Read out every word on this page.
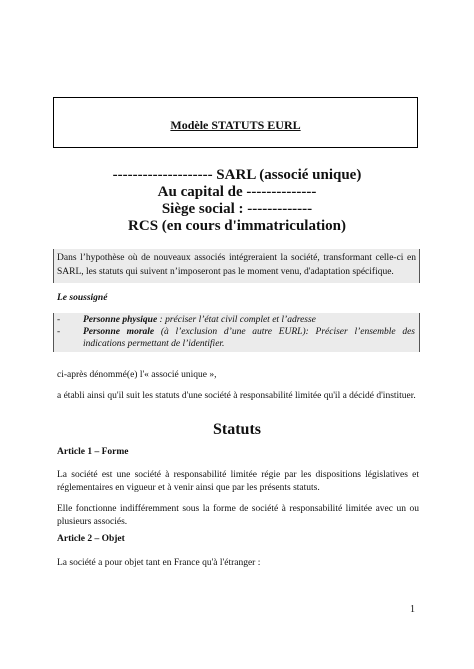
Modèle STATUTS EURL
-------------------- SARL (associé unique)
Au capital de --------------
Siège social : -------------
RCS (en cours d'immatriculation)
Dans l’hypothèse où de nouveaux associés intégreraient la société, transformant celle-ci en SARL, les statuts qui suivent n’imposeront pas le moment venu, d'adaptation spécifique.
Le soussigné
- Personne physique : préciser l’état civil complet et l’adresse
- Personne morale (à l’exclusion d’une autre EURL): Préciser l’ensemble des indications permettant de l’identifier.
ci-après dénommé(e) l'« associé unique »,
a établi ainsi qu'il suit les statuts d'une société à responsabilité limitée qu'il a décidé d'instituer.
Statuts
Article 1 – Forme
La société est une société à responsabilité limitée régie par les dispositions législatives et réglementaires en vigueur et à venir ainsi que par les présents statuts.
Elle fonctionne indifféremment sous la forme de société à responsabilité limitée avec un ou plusieurs associés.
Article 2 – Objet
La société a pour objet tant en France qu'à l'étranger :
1
